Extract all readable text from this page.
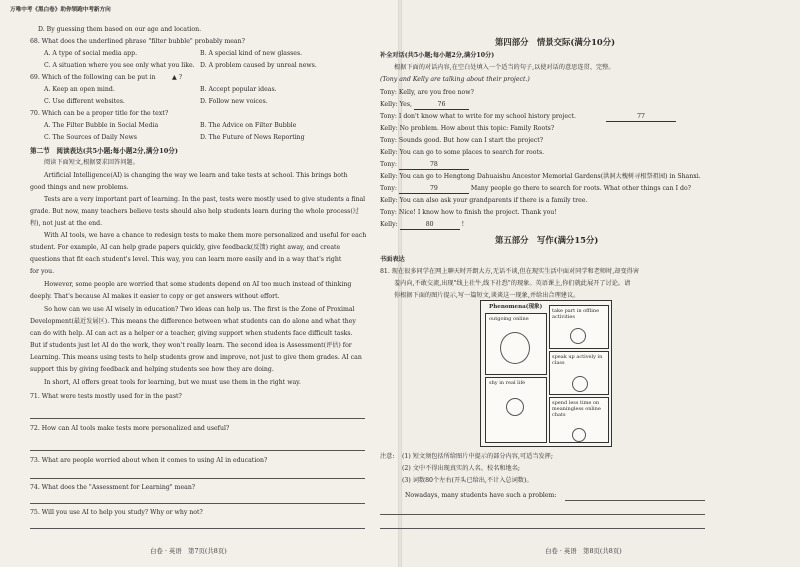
万唯中考《黑白卷》助你领跑中考新方向
D. By guessing them based on our age and location.
68. What does the underlined phrase "filter bubble" probably mean?
A. A type of social media app.	B. A special kind of new glasses.
C. A situation where you see only what you like. D. A problem caused by unreal news.
69. Which of the following can be put in	▲ ?
A. Keep an open mind.	B. Accept popular ideas.
C. Use different websites.	D. Follow new voices.
70. Which can be a proper title for the text?
A. The Filter Bubble in Social Media	B. The Advice on Filter Bubble
C. The Sources of Daily News	D. The Future of News Reporting
第二节　阅读表达(共5小题;每小题2分,满分10分)
阅读下面短文,根据要求回答问题。
Artificial Intelligence(AI) is changing the way we learn and take tests at school. This brings both
good things and new problems.
Tests are a very important part of learning. In the past, tests were mostly used to give students a final
grade. But now, many teachers believe tests should also help students learn during the whole process(过
程), not just at the end.
With AI tools, we have a chance to redesign tests to make them more personalized and useful for each
student. For example, AI can help grade papers quickly, give feedback(反馈) right away, and create
questions that fit each student's level. This way, you can learn more easily and in a way that's right
for you.
However, some people are worried that some students depend on AI too much instead of thinking
deeply. That's because AI makes it easier to copy or get answers without effort.
So how can we use AI wisely in education? Two ideas can help us. The first is the Zone of Proximal
Development(最近发展区). This means the difference between what students can do alone and what they
can do with help. AI can act as a helper or a teacher, giving support when students face difficult tasks.
But if students just let AI do the work, they won't really learn. The second idea is Assessment(评估) for
Learning. This means using tests to help students grow and improve, not just to give them grades. AI can
support this by giving feedback and helping students see how they are doing.
In short, AI offers great tools for learning, but we must use them in the right way.
71. What were tests mostly used for in the past?
72. How can AI tools make tests more personalized and useful?
73. What are people worried about when it comes to using AI in education?
74. What does the "Assessment for Learning" mean?
75. Will you use AI to help you study? Why or why not?
白卷 · 英语　第7页(共8页)
第四部分　情景交际(满分10分)
补全对话(共5小题;每小题2分,满分10分)
根据下面的对话内容,在空白处填入一个适当的句子,以使对话的意思连贯、完整。
(Tony and Kelly are talking about their project.)
Tony: Kelly, are you free now?
Kelly: Yes,	76
Tony: I don't know what to write for my school history project.	77
Kelly: No problem. How about this topic: Family Roots?
Tony: Sounds good. But how can I start the project?
Kelly: You can go to some places to search for roots.
Tony:	78
Kelly: You can go to Hengtong Dahuaishu Ancestor Memorial Gardens(洪洞大槐树寻根祭祖园) in Shanxi.
Tony:	79	Many people go there to search for roots. What other things can I do?
Kelly: You can also ask your grandparents if there is a family tree.
Tony: Nice! I know how to finish the project. Thank you!
Kelly:	80	!
第五部分　写作(满分15分)
书面表达
81. 现在很多同学在网上聊天时开朗大方,无话不谈,但在现实生活中面对同学和老师时,却变得害
羞内向,不敢交流,出现"线上社牛,线下社恐"的现象。英语课上,你们就此展开了讨论。请
你根据下面的图片提示,写一篇短文,谈谈这一现象,并给出合理建议。
Phenomena(现象)
outgoing online
shy in real life
take part in offline activities
speak up actively in class
spend less time on meaningless online chats
注意: (1) 短文须包括所给图片中提示的部分内容,可适当发挥;
(2) 文中不得出现真实的人名、校名和地名;
(3) 词数80个左右(开头已给出,不计入总词数)。
Nowadays, many students have such a problem:
白卷 · 英语　第8页(共8页)
